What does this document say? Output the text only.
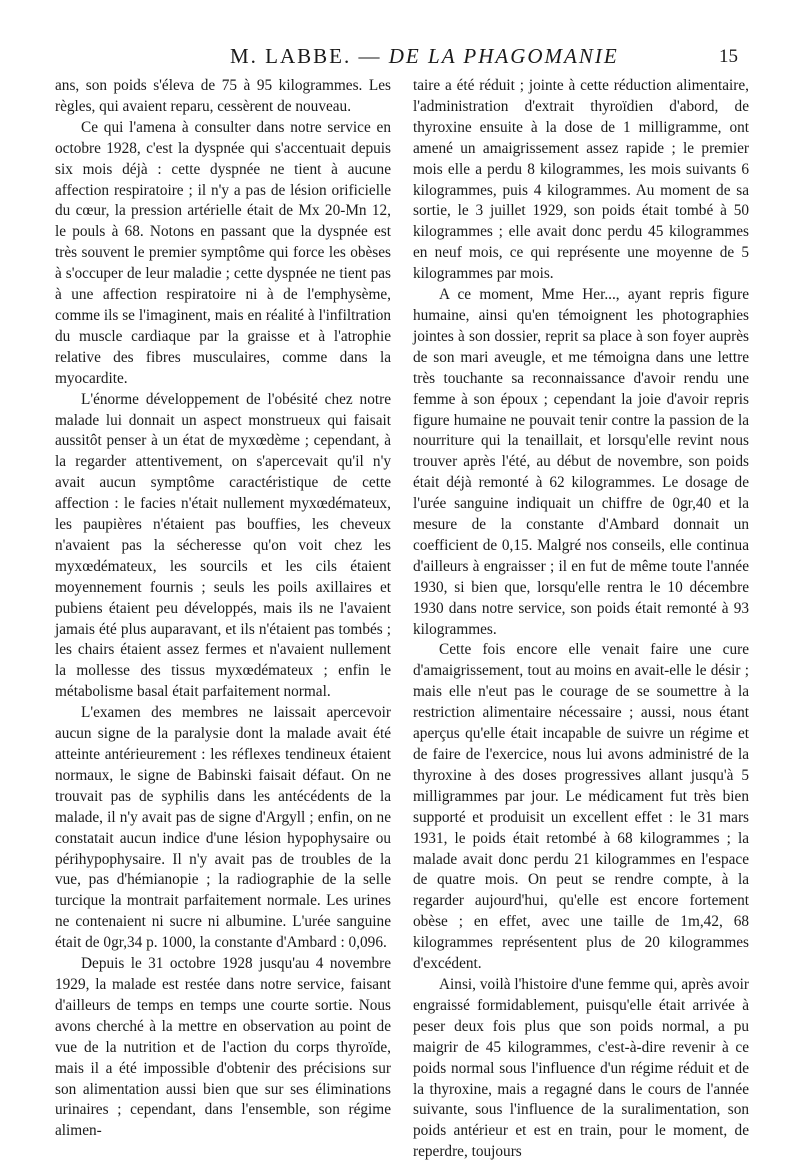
M. LABBE. — DE LA PHAGOMANIE	15

ans, son poids s'éleva de 75 à 95 kilogrammes. Les règles, qui avaient reparu, cessèrent de nouveau.

Ce qui l'amena à consulter dans notre service en octobre 1928, c'est la dyspnée qui s'accentuait depuis six mois déjà : cette dyspnée ne tient à aucune affection respiratoire ; il n'y a pas de lésion orificielle du cœur, la pression artérielle était de Mx 20-Mn 12, le pouls à 68. Notons en passant que la dyspnée est très souvent le premier symptôme qui force les obèses à s'occuper de leur maladie ; cette dyspnée ne tient pas à une affection respiratoire ni à de l'emphysème, comme ils se l'imaginent, mais en réalité à l'infiltration du muscle cardiaque par la graisse et à l'atrophie relative des fibres musculaires, comme dans la myocardite.

L'énorme développement de l'obésité chez notre malade lui donnait un aspect monstrueux qui faisait aussitôt penser à un état de myxœdème ; cependant, à la regarder attentivement, on s'apercevait qu'il n'y avait aucun symptôme caractéristique de cette affection : le facies n'était nullement myxœdémateux, les paupières n'étaient pas bouffies, les cheveux n'avaient pas la sécheresse qu'on voit chez les myxœdémateux, les sourcils et les cils étaient moyennement fournis ; seuls les poils axillaires et pubiens étaient peu développés, mais ils ne l'avaient jamais été plus auparavant, et ils n'étaient pas tombés ; les chairs étaient assez fermes et n'avaient nullement la mollesse des tissus myxœdémateux ; enfin le métabolisme basal était parfaitement normal.

L'examen des membres ne laissait apercevoir aucun signe de la paralysie dont la malade avait été atteinte antérieurement : les réflexes tendineux étaient normaux, le signe de Babinski faisait défaut. On ne trouvait pas de syphilis dans les antécédents de la malade, il n'y avait pas de signe d'Argyll ; enfin, on ne constatait aucun indice d'une lésion hypophysaire ou périhypophysaire. Il n'y avait pas de troubles de la vue, pas d'hémianopie ; la radiographie de la selle turcique la montrait parfaitement normale. Les urines ne contenaient ni sucre ni albumine. L'urée sanguine était de 0gr,34 p. 1000, la constante d'Ambard : 0,096.

Depuis le 31 octobre 1928 jusqu'au 4 novembre 1929, la malade est restée dans notre service, faisant d'ailleurs de temps en temps une courte sortie. Nous avons cherché à la mettre en observation au point de vue de la nutrition et de l'action du corps thyroïde, mais il a été impossible d'obtenir des précisions sur son alimentation aussi bien que sur ses éliminations urinaires ; cependant, dans l'ensemble, son régime alimen-

taire a été réduit ; jointe à cette réduction alimentaire, l'administration d'extrait thyroïdien d'abord, de thyroxine ensuite à la dose de 1 milligramme, ont amené un amaigrissement assez rapide ; le premier mois elle a perdu 8 kilogrammes, les mois suivants 6 kilogrammes, puis 4 kilogrammes. Au moment de sa sortie, le 3 juillet 1929, son poids était tombé à 50 kilogrammes ; elle avait donc perdu 45 kilogrammes en neuf mois, ce qui représente une moyenne de 5 kilogrammes par mois.

A ce moment, Mme Her..., ayant repris figure humaine, ainsi qu'en témoignent les photographies jointes à son dossier, reprit sa place à son foyer auprès de son mari aveugle, et me témoigna dans une lettre très touchante sa reconnaissance d'avoir rendu une femme à son époux ; cependant la joie d'avoir repris figure humaine ne pouvait tenir contre la passion de la nourriture qui la tenaillait, et lorsqu'elle revint nous trouver après l'été, au début de novembre, son poids était déjà remonté à 62 kilogrammes. Le dosage de l'urée sanguine indiquait un chiffre de 0gr,40 et la mesure de la constante d'Ambard donnait un coefficient de 0,15. Malgré nos conseils, elle continua d'ailleurs à engraisser ; il en fut de même toute l'année 1930, si bien que, lorsqu'elle rentra le 10 décembre 1930 dans notre service, son poids était remonté à 93 kilogrammes.

Cette fois encore elle venait faire une cure d'amaigrissement, tout au moins en avait-elle le désir ; mais elle n'eut pas le courage de se soumettre à la restriction alimentaire nécessaire ; aussi, nous étant aperçus qu'elle était incapable de suivre un régime et de faire de l'exercice, nous lui avons administré de la thyroxine à des doses progressives allant jusqu'à 5 milligrammes par jour. Le médicament fut très bien supporté et produisit un excellent effet : le 31 mars 1931, le poids était retombé à 68 kilogrammes ; la malade avait donc perdu 21 kilogrammes en l'espace de quatre mois. On peut se rendre compte, à la regarder aujourd'hui, qu'elle est encore fortement obèse ; en effet, avec une taille de 1m,42, 68 kilogrammes représentent plus de 20 kilogrammes d'excédent.

Ainsi, voilà l'histoire d'une femme qui, après avoir engraissé formidablement, puisqu'elle était arrivée à peser deux fois plus que son poids normal, a pu maigrir de 45 kilogrammes, c'est-à-dire revenir à ce poids normal sous l'influence d'un régime réduit et de la thyroxine, mais a regagné dans le cours de l'année suivante, sous l'influence de la suralimentation, son poids antérieur et est en train, pour le moment, de reperdre, toujours
